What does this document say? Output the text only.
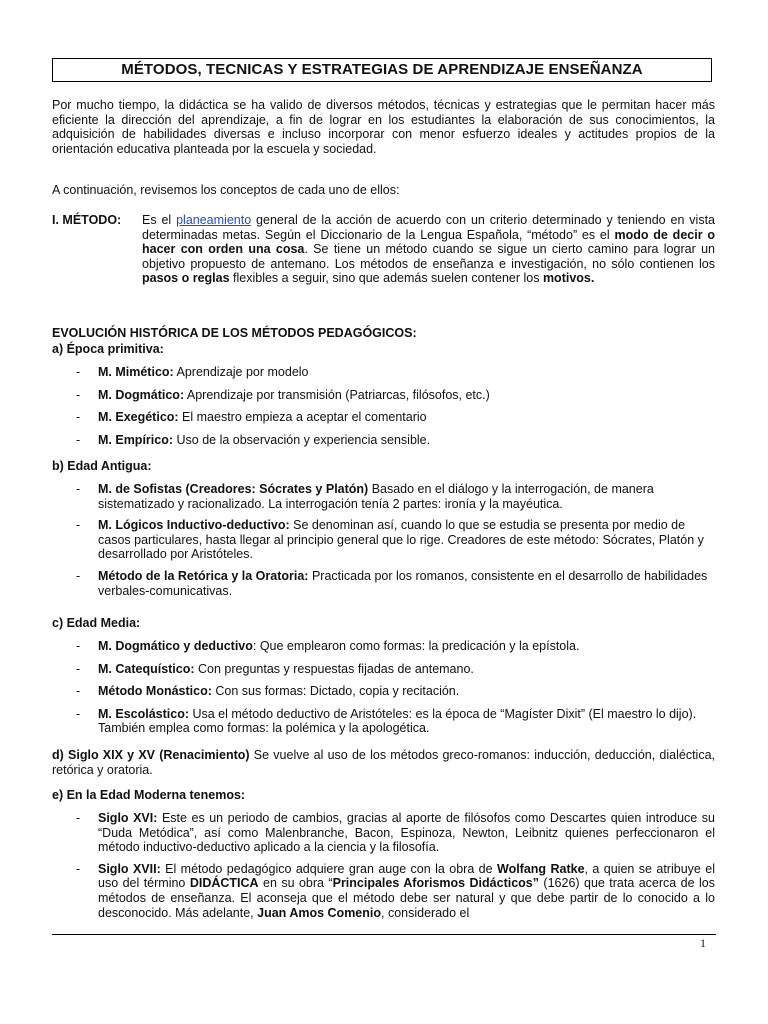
MÉTODOS, TECNICAS Y ESTRATEGIAS DE APRENDIZAJE ENSEÑANZA
Por mucho tiempo, la didáctica se ha valido de diversos métodos, técnicas y estrategias que le permitan hacer más eficiente la dirección del aprendizaje, a fin de lograr en los estudiantes la elaboración de sus conocimientos, la adquisición de habilidades diversas e incluso incorporar con menor esfuerzo ideales y actitudes propios de la orientación educativa planteada por la escuela y sociedad.
A continuación, revisemos los conceptos de cada uno de ellos:
I. MÉTODO: Es el planeamiento general de la acción de acuerdo con un criterio determinado y teniendo en vista determinadas metas. Según el Diccionario de la Lengua Española, “método” es el modo de decir o hacer con orden una cosa. Se tiene un método cuando se sigue un cierto camino para lograr un objetivo propuesto de antemano. Los métodos de enseñanza e investigación, no sólo contienen los pasos o reglas flexibles a seguir, sino que además suelen contener los motivos.
EVOLUCIÓN HISTÓRICA DE LOS MÉTODOS PEDAGÓGICOS:
a) Época primitiva:
- M. Mimético: Aprendizaje por modelo
- M. Dogmático: Aprendizaje por transmisión (Patriarcas, filósofos, etc.)
- M. Exegético: El maestro empieza a aceptar el comentario
- M. Empírico: Uso de la observación y experiencia sensible.
b) Edad Antigua:
- M. de Sofistas (Creadores: Sócrates y Platón) Basado en el diálogo y la interrogación, de manera sistematizado y racionalizado. La interrogación tenía 2 partes: ironía y la mayéutica.
- M. Lógicos Inductivo-deductivo: Se denominan así, cuando lo que se estudia se presenta por medio de casos particulares, hasta llegar al principio general que lo rige. Creadores de este método: Sócrates, Platón y desarrollado por Aristóteles.
- Método de la Retórica y la Oratoria: Practicada por los romanos, consistente en el desarrollo de habilidades verbales-comunicativas.
c) Edad Media:
- M. Dogmático y deductivo: Que emplearon como formas: la predicación y la epístola.
- M. Catequístico: Con preguntas y respuestas fijadas de antemano.
- Método Monástico: Con sus formas: Dictado, copia y recitación.
- M. Escolástico: Usa el método deductivo de Aristóteles: es la época de “Magíster Dixit” (El maestro lo dijo). También emplea como formas: la polémica y la apologética.
d) Siglo XIX y XV (Renacimiento) Se vuelve al uso de los métodos greco-romanos: inducción, deducción, dialéctica, retórica y oratoria.
e) En la Edad Moderna tenemos:
- Siglo XVI: Este es un periodo de cambios, gracias al aporte de filósofos como Descartes quien introduce su “Duda Metódica”, así como Malenbranche, Bacon, Espinoza, Newton, Leibnitz quienes perfeccionaron el método inductivo-deductivo aplicado a la ciencia y la filosofía.
- Siglo XVII: El método pedagógico adquiere gran auge con la obra de Wolfang Ratke, a quien se atribuye el uso del término DIDÁCTICA en su obra “Principales Aforismos Didácticos” (1626) que trata acerca de los métodos de enseñanza. El aconseja que el método debe ser natural y que debe partir de lo conocido a lo desconocido. Más adelante, Juan Amos Comenio, considerado el
1
